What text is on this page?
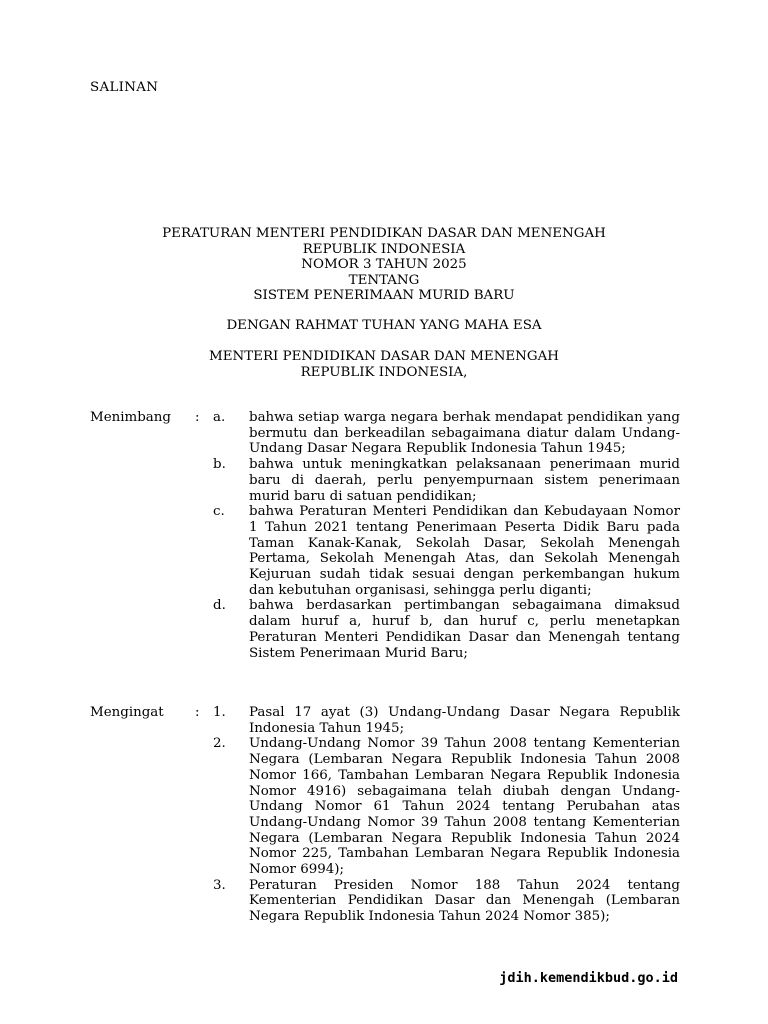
SALINAN
PERATURAN MENTERI PENDIDIKAN DASAR DAN MENENGAH
REPUBLIK INDONESIA
NOMOR 3 TAHUN 2025
TENTANG
SISTEM PENERIMAAN MURID BARU
DENGAN RAHMAT TUHAN YANG MAHA ESA
MENTERI PENDIDIKAN DASAR DAN MENENGAH
REPUBLIK INDONESIA,
Menimbang	:	a.	bahwa setiap warga negara berhak mendapat pendidikan yang bermutu dan berkeadilan sebagaimana diatur dalam Undang-Undang Dasar Negara Republik Indonesia Tahun 1945;
b.	bahwa untuk meningkatkan pelaksanaan penerimaan murid baru di daerah, perlu penyempurnaan sistem penerimaan murid baru di satuan pendidikan;
c.	bahwa Peraturan Menteri Pendidikan dan Kebudayaan Nomor 1 Tahun 2021 tentang Penerimaan Peserta Didik Baru pada Taman Kanak-Kanak, Sekolah Dasar, Sekolah Menengah Pertama, Sekolah Menengah Atas, dan Sekolah Menengah Kejuruan sudah tidak sesuai dengan perkembangan hukum dan kebutuhan organisasi, sehingga perlu diganti;
d.	bahwa berdasarkan pertimbangan sebagaimana dimaksud dalam huruf a, huruf b, dan huruf c, perlu menetapkan Peraturan Menteri Pendidikan Dasar dan Menengah tentang Sistem Penerimaan Murid Baru;
Mengingat	:	1.	Pasal 17 ayat (3) Undang-Undang Dasar Negara Republik Indonesia Tahun 1945;
2.	Undang-Undang Nomor 39 Tahun 2008 tentang Kementerian Negara (Lembaran Negara Republik Indonesia Tahun 2008 Nomor 166, Tambahan Lembaran Negara Republik Indonesia Nomor 4916) sebagaimana telah diubah dengan Undang-Undang Nomor 61 Tahun 2024 tentang Perubahan atas Undang-Undang Nomor 39 Tahun 2008 tentang Kementerian Negara (Lembaran Negara Republik Indonesia Tahun 2024 Nomor 225, Tambahan Lembaran Negara Republik Indonesia Nomor 6994);
3.	Peraturan Presiden Nomor 188 Tahun 2024 tentang Kementerian Pendidikan Dasar dan Menengah (Lembaran Negara Republik Indonesia Tahun 2024 Nomor 385);
jdih.kemendikbud.go.id
